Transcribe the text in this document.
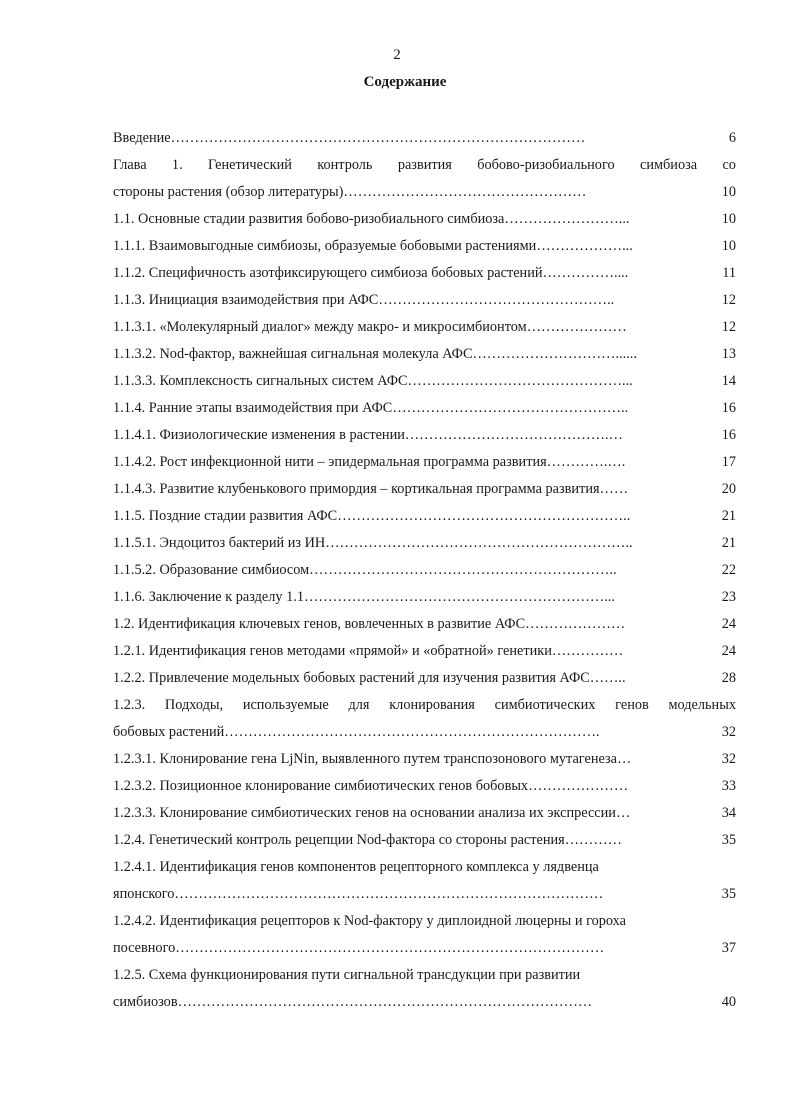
2
Содержание
Введение……………………………………………………………………………	6
Глава 1. Генетический контроль развития бобово-ризобиального симбиоза со
стороны растения (обзор литературы)……………………………………………	10
1.1. Основные стадии развития бобово-ризобиального симбиоза……………………...	10
1.1.1. Взаимовыгодные симбиозы, образуемые бобовыми растениями………………...	10
1.1.2. Специфичность азотфиксирующего симбиоза бобовых растений……………....	11
1.1.3. Инициация взаимодействия при АФС…………………………………………..	12
1.1.3.1. «Молекулярный диалог» между макро- и микросимбионтом…………………	12
1.1.3.2. Nod-фактор, важнейшая сигнальная молекула АФС…………………………......	13
1.1.3.3. Комплексность сигнальных систем АФС………………………………………...	14
1.1.4. Ранние этапы взаимодействия при АФС…………………………………………..	16
1.1.4.1. Физиологические изменения в растении…………………………………….…	16
1.1.4.2. Рост инфекционной нити – эпидермальная программа развития………….….	17
1.1.4.3. Развитие клубенькового примордия – кортикальная программа развития……	20
1.1.5. Поздние стадии развития АФС……………………………………………………..	21
1.1.5.1. Эндоцитоз бактерий из ИН………………………………………………………..	21
1.1.5.2. Образование симбиосом………………………………………………………..	22
1.1.6. Заключение к разделу 1.1………………………………………………………...	23
1.2. Идентификация ключевых генов, вовлеченных в развитие АФС…………………	24
1.2.1. Идентификация генов методами «прямой» и «обратной» генетики……………	24
1.2.2. Привлечение модельных бобовых растений для изучения развития АФС……..	28
1.2.3. Подходы, используемые для клонирования симбиотических генов модельных
бобовых растений…………………………………………………………………….	32
1.2.3.1. Клонирование гена LjNin, выявленного путем транспозонового мутагенеза…	32
1.2.3.2. Позиционное клонирование симбиотических генов бобовых…………………	33
1.2.3.3. Клонирование симбиотических генов на основании анализа их экспрессии…	34
1.2.4. Генетический контроль рецепции Nod-фактора со стороны растения…………	35
1.2.4.1. Идентификация генов компонентов рецепторного комплекса у лядвенца
японского………………………………………………………………………………	35
1.2.4.2. Идентификация рецепторов к Nod-фактору у диплоидной люцерны и гороха
посевного………………………………………………………………………………	37
1.2.5. Схема функционирования пути сигнальной трансдукции при развитии
симбиозов……………………………………………………………………………	40
